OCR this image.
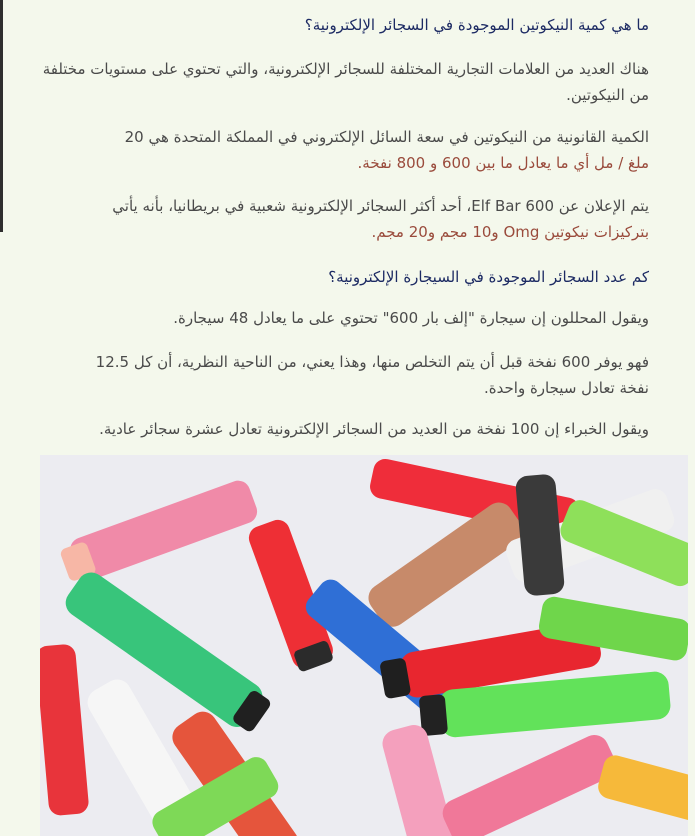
ما هي كمية النيكوتين الموجودة في السجائر الإلكترونية؟

هناك العديد من العلامات التجارية المختلفة للسجائر الإلكترونية، والتي تحتوي على مستويات مختلفة من النيكوتين.

الكمية القانونية من النيكوتين في سعة السائل الإلكتروني في المملكة المتحدة هي 20
ملغ / مل أي ما يعادل ما بين 600 و 800 نفخة.

يتم الإعلان عن Elf Bar 600، أحد أكثر السجائر الإلكترونية شعبية في بريطانيا، بأنه يأتي
بتركيزات نيكوتين Omg و10 مجم و20 مجم.

كم عدد السجائر الموجودة في السيجارة الإلكترونية؟

ويقول المحللون إن سيجارة "إلف بار 600" تحتوي على ما يعادل 48 سيجارة.

فهو يوفر 600 نفخة قبل أن يتم التخلص منها، وهذا يعني، من الناحية النظرية، أن كل 12.5
نفخة تعادل سيجارة واحدة.

ويقول الخبراء إن 100 نفخة من العديد من السجائر الإلكترونية تعادل عشرة سجائر عادية.
